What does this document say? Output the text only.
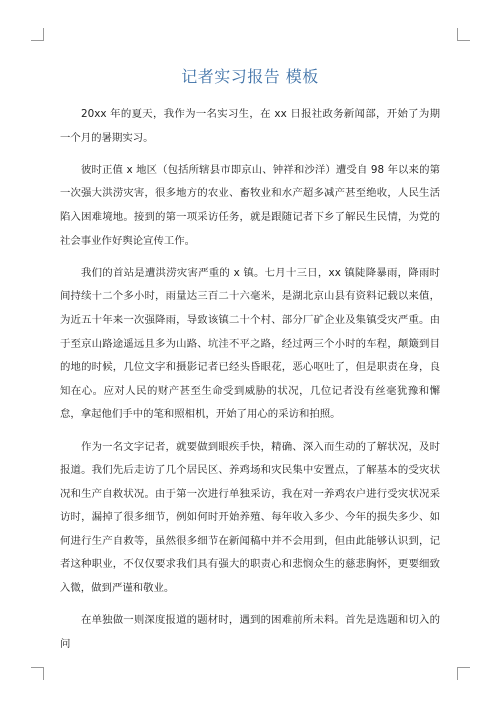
记者实习报告 模板

20xx 年的夏天，我作为一名实习生，在 xx 日报社政务新闻部，开始了为期一个月的暑期实习。

彼时正值 x 地区（包括所辖县市即京山、钟祥和沙洋）遭受自 98 年以来的第一次强大洪涝灾害，很多地方的农业、畜牧业和水产超多减产甚至绝收，人民生活陷入困难境地。接到的第一项采访任务，就是跟随记者下乡了解民生民情，为党的社会事业作好舆论宣传工作。

我们的首站是遭洪涝灾害严重的 x 镇。七月十三日，xx 镇陡降暴雨，降雨时间持续十二个多小时，雨量达三百二十六毫米，是湖北京山县有资料记载以来值，为近五十年来一次强降雨，导致该镇二十个村、部分厂矿企业及集镇受灾严重。由于至京山路途遥远且多为山路、坑洼不平之路，经过两三个小时的车程，颠簸到目的地的时候，几位文字和摄影记者已经头昏眼花，恶心呕吐了，但是职责在身，良知在心。应对人民的财产甚至生命受到威胁的状况，几位记者没有丝毫犹豫和懈怠，拿起他们手中的笔和照相机，开始了用心的采访和拍照。

作为一名文字记者，就要做到眼疾手快，精确、深入而生动的了解状况，及时报道。我们先后走访了几个居民区、养鸡场和灾民集中安置点，了解基本的受灾状况和生产自救状况。由于第一次进行单独采访，我在对一养鸡农户进行受灾状况采访时，漏掉了很多细节，例如何时开始养殖、每年收入多少、今年的损失多少、如何进行生产自救等，虽然很多细节在新闻稿中并不会用到，但由此能够认识到，记者这种职业，不仅仅要求我们具有强大的职责心和悲悯众生的慈悲胸怀，更要细致入微，做到严谨和敬业。

在单独做一则深度报道的题材时，遇到的困难前所未料。首先是选题和切入的问
